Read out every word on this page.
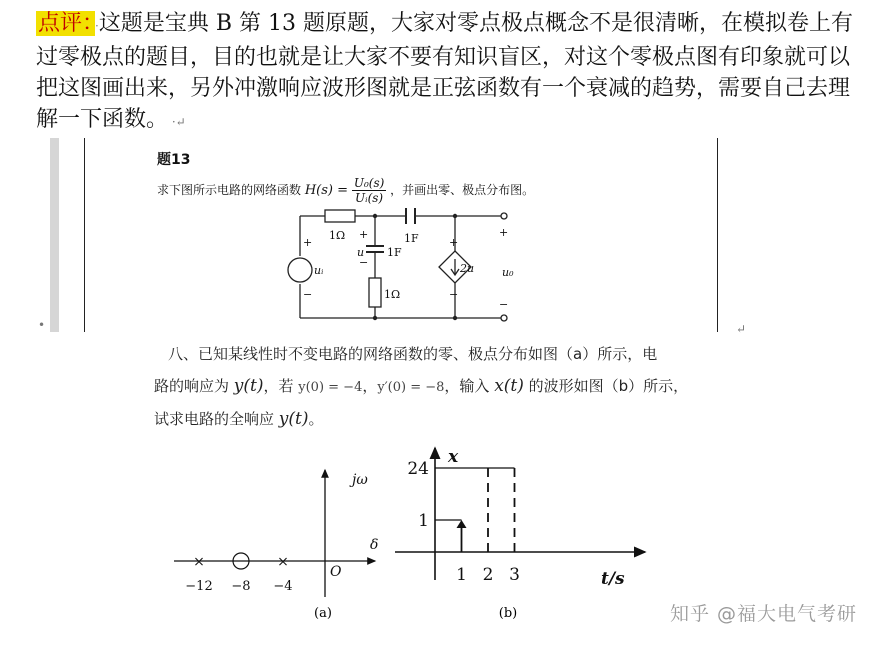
点评： ·这题是宝典 B 第 13 题原题，大家对零点极点概念不是很清晰，在模拟卷上有过零极点的题目，目的也就是让大家不要有知识盲区，对这个零极点图有印象就可以把这图画出来，另外冲激响应波形图就是正弦函数有一个衰减的趋势，需要自己去理解一下函数。 ·↵
题13
求下图所示电路的网络函数 $H(s) = \frac{\text{U₀(s)}}{\text{Uᵢ(s)}}$ ，并画出零、极点分布图。
1Ω	1F
1F
1Ω
uᵢ
u
2u	u₀
+
−
+
−
+
−
+
−
•	↵
八、已知某线性时不变电路的网络函数的零、极点分布如图（a）所示，电
路的响应为 y(t)，若 y(0) = −4，y′(0) = −8，输入 x(t) 的波形如图（b）所示，
试求电路的全响应 y(t)。
jω
δ
O
×
−12 −8
×
−4
(a)
x
t/s
24
1
1 2 3
(b)	知乎 @福大电气考研
